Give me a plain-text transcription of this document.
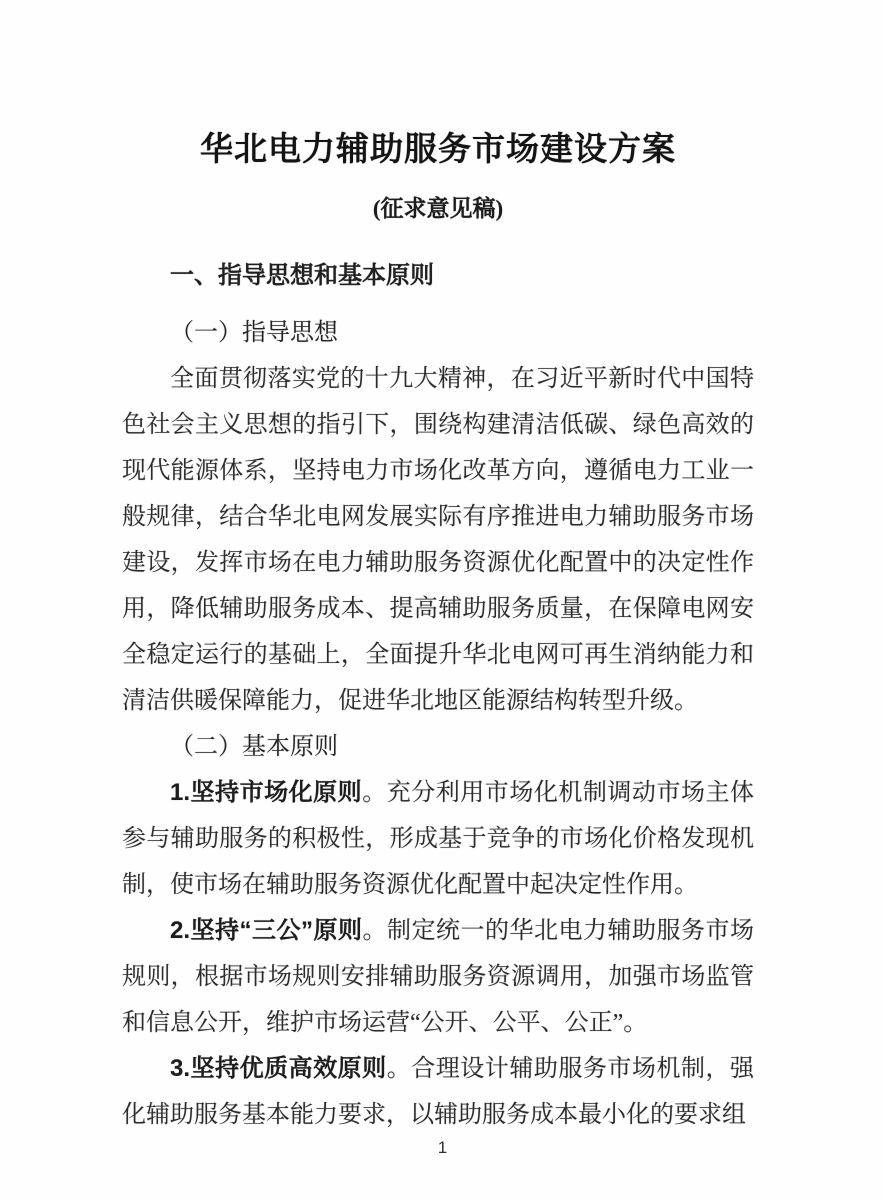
华北电力辅助服务市场建设方案
(征求意见稿)
一、指导思想和基本原则
（一）指导思想

全面贯彻落实党的十九大精神，在习近平新时代中国特色社会主义思想的指引下，围绕构建清洁低碳、绿色高效的现代能源体系，坚持电力市场化改革方向，遵循电力工业一般规律，结合华北电网发展实际有序推进电力辅助服务市场建设，发挥市场在电力辅助服务资源优化配置中的决定性作用，降低辅助服务成本、提高辅助服务质量，在保障电网安全稳定运行的基础上，全面提升华北电网可再生消纳能力和清洁供暖保障能力，促进华北地区能源结构转型升级。

（二）基本原则

1.坚持市场化原则。充分利用市场化机制调动市场主体参与辅助服务的积极性，形成基于竞争的市场化价格发现机制，使市场在辅助服务资源优化配置中起决定性作用。

2.坚持“三公”原则。制定统一的华北电力辅助服务市场规则，根据市场规则安排辅助服务资源调用，加强市场监管和信息公开，维护市场运营“公开、公平、公正”。

3.坚持优质高效原则。合理设计辅助服务市场机制，强化辅助服务基本能力要求，以辅助服务成本最小化的要求组

1
